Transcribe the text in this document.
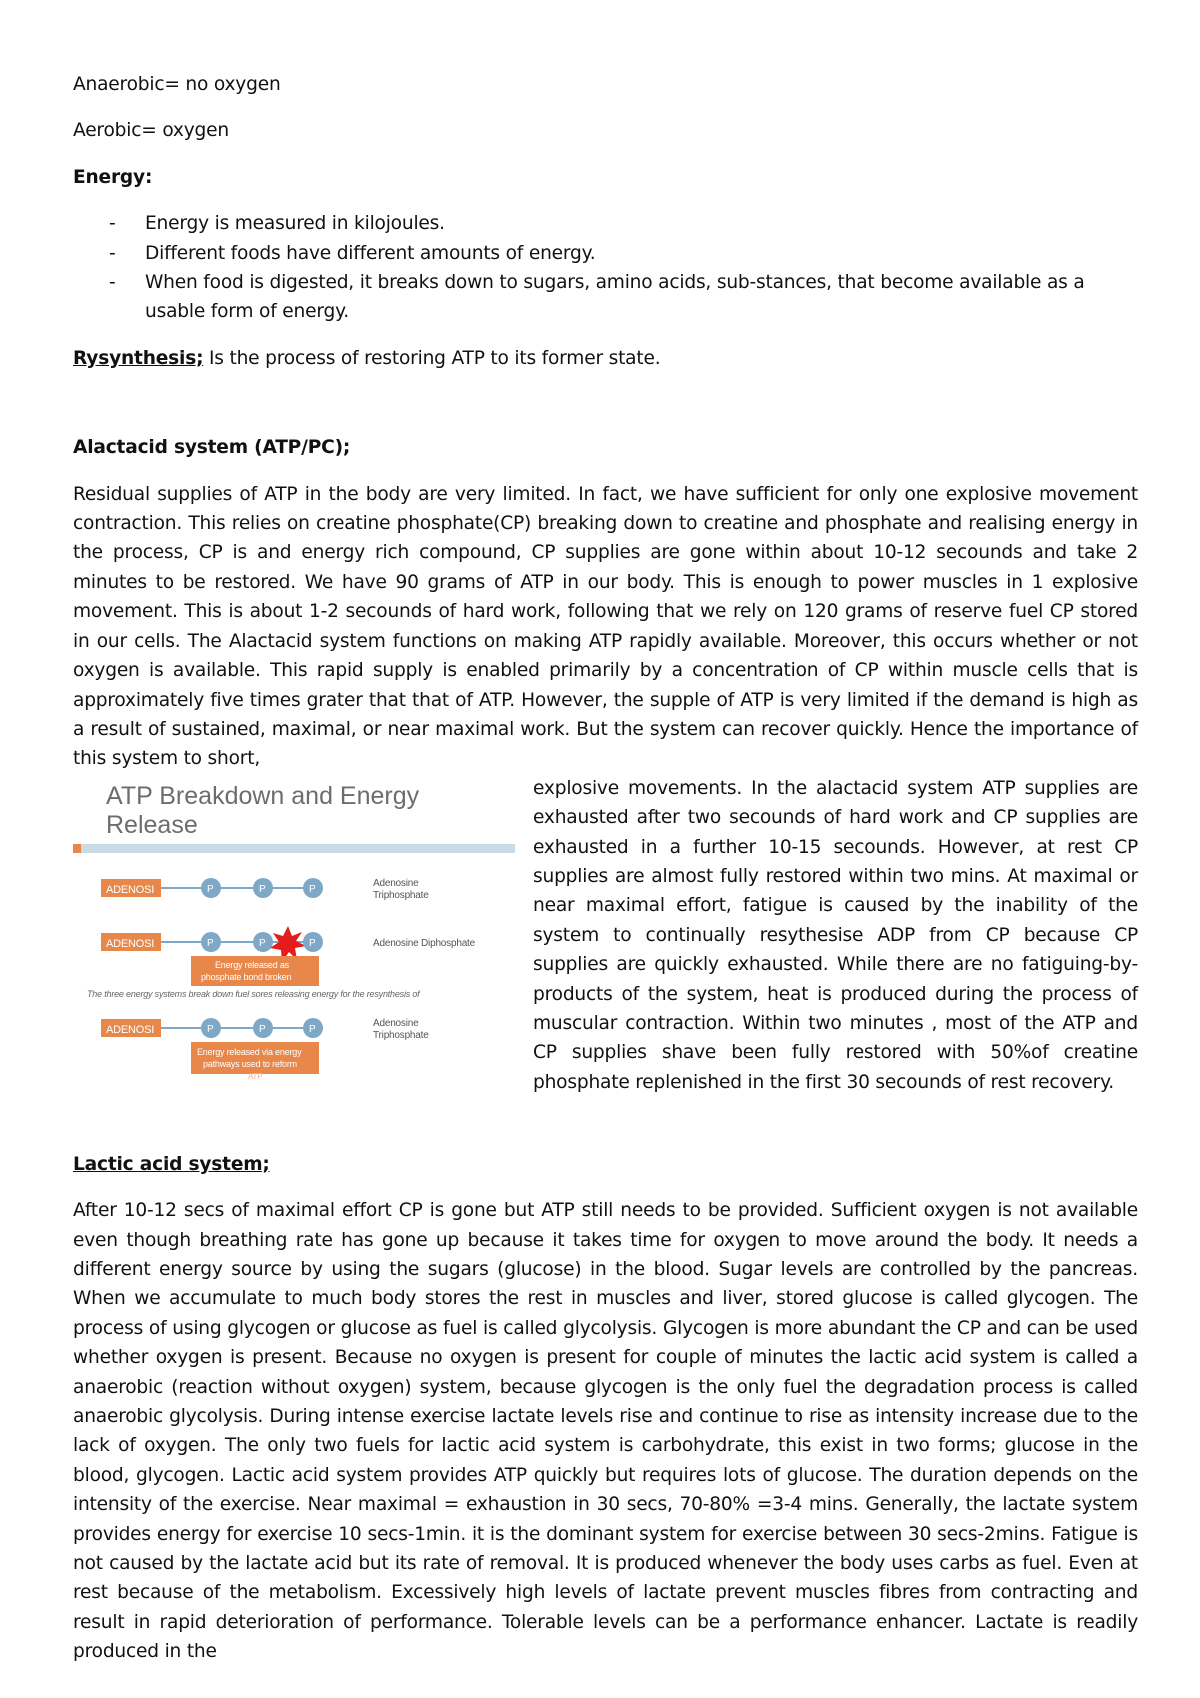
Anaerobic= no oxygen

Aerobic= oxygen

Energy:

- Energy is measured in kilojoules.
- Different foods have different amounts of energy.
- When food is digested, it breaks down to sugars, amino acids, sub-stances, that become available as a usable form of energy.

Rysynthesis; Is the process of restoring ATP to its former state.

Alactacid system (ATP/PC);

Residual supplies of ATP in the body are very limited. In fact, we have sufficient for only one explosive movement contraction. This relies on creatine phosphate(CP) breaking down to creatine and phosphate and realising energy in the process, CP is and energy rich compound, CP supplies are gone within about 10-12 secounds and take 2 minutes to be restored. We have 90 grams of ATP in our body. This is enough to power muscles in 1 explosive movement. This is about 1-2 secounds of hard work, following that we rely on 120 grams of reserve fuel CP stored in our cells. The Alactacid system functions on making ATP rapidly available. Moreover, this occurs whether or not oxygen is available. This rapid supply is enabled primarily by a concentration of CP within muscle cells that is approximately five times grater that that of ATP. However, the supple of ATP is very limited if the demand is high as a result of sustained, maximal, or near maximal work. But the system can recover quickly. Hence the importance of this system to short,

ATP Breakdown and Energy Release
ADENOSI	P	P	P
Adenosine
Triphosphate
ADENOSI	P	P	P	Adenosine Diphosphate
Energy released as
phosphate bond broken
The three energy systems break down fuel sores releasing energy for the resynthesis of
ADENOSI	P	P	P
Adenosine
Triphosphate
Energy released via energy
pathways used to reform
ATP

explosive movements. In the alactacid system ATP supplies are exhausted after two secounds of hard work and CP supplies are exhausted in a further 10-15 secounds. However, at rest CP supplies are almost fully restored within two mins. At maximal or near maximal effort, fatigue is caused by the inability of the system to continually resythesise ADP from CP because CP supplies are quickly exhausted. While there are no fatiguing-by-products of the system, heat is produced during the process of muscular contraction. Within two minutes , most of the ATP and CP supplies shave been fully restored with 50%of creatine phosphate replenished in the first 30 secounds of rest recovery.

Lactic acid system;

After 10-12 secs of maximal effort CP is gone but ATP still needs to be provided. Sufficient oxygen is not available even though breathing rate has gone up because it takes time for oxygen to move around the body. It needs a different energy source by using the sugars (glucose) in the blood. Sugar levels are controlled by the pancreas. When we accumulate to much body stores the rest in muscles and liver, stored glucose is called glycogen. The process of using glycogen or glucose as fuel is called glycolysis. Glycogen is more abundant the CP and can be used whether oxygen is present. Because no oxygen is present for couple of minutes the lactic acid system is called a anaerobic (reaction without oxygen) system, because glycogen is the only fuel the degradation process is called anaerobic glycolysis. During intense exercise lactate levels rise and continue to rise as intensity increase due to the lack of oxygen. The only two fuels for lactic acid system is carbohydrate, this exist in two forms; glucose in the blood, glycogen. Lactic acid system provides ATP quickly but requires lots of glucose. The duration depends on the intensity of the exercise. Near maximal = exhaustion in 30 secs, 70-80% =3-4 mins. Generally, the lactate system provides energy for exercise 10 secs-1min. it is the dominant system for exercise between 30 secs-2mins. Fatigue is not caused by the lactate acid but its rate of removal. It is produced whenever the body uses carbs as fuel. Even at rest because of the metabolism. Excessively high levels of lactate prevent muscles fibres from contracting and result in rapid deterioration of performance. Tolerable levels can be a performance enhancer. Lactate is readily produced in the
